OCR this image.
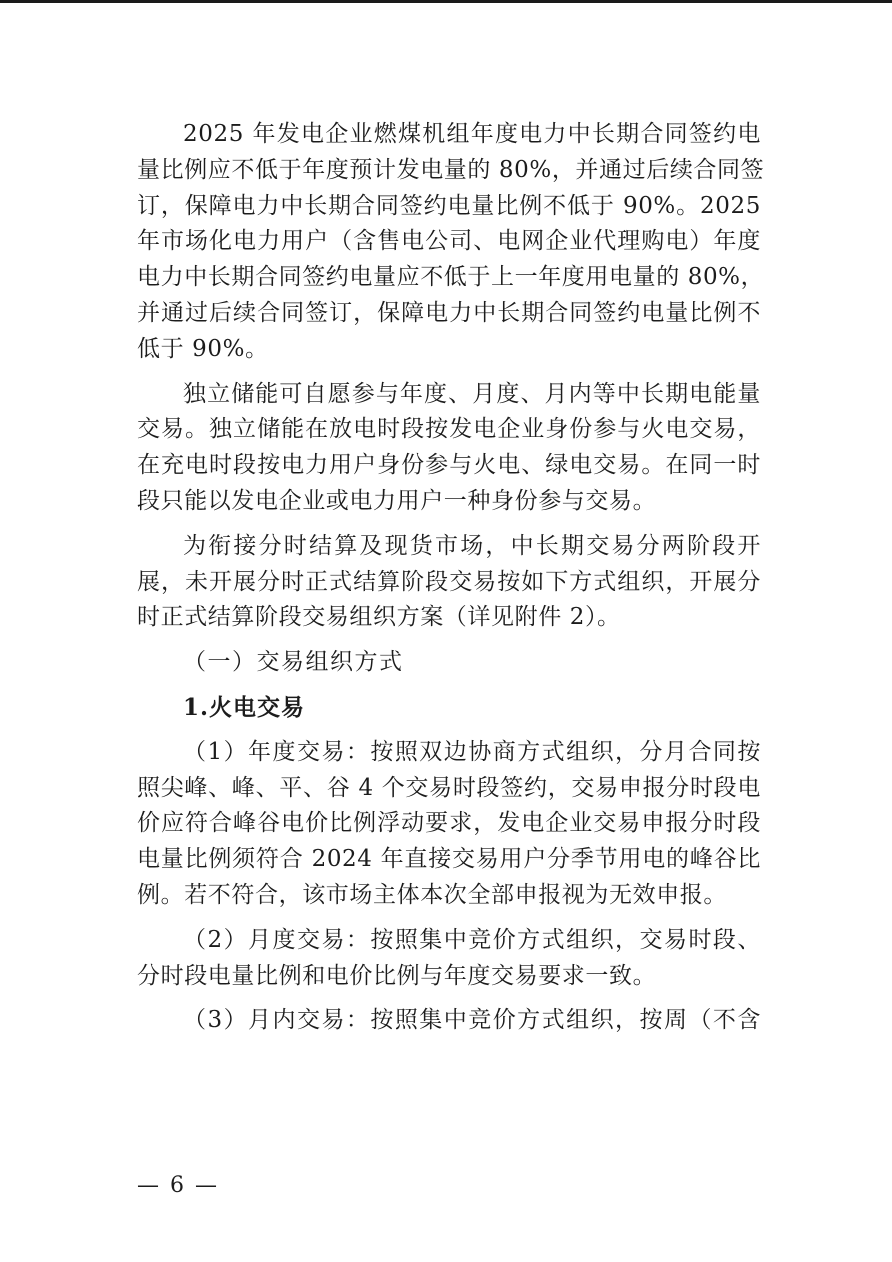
2025 年发电企业燃煤机组年度电力中长期合同签约电
量比例应不低于年度预计发电量的 80%，并通过后续合同签
订，保障电力中长期合同签约电量比例不低于 90%。2025
年市场化电力用户（含售电公司、电网企业代理购电）年度
电力中长期合同签约电量应不低于上一年度用电量的 80%，
并通过后续合同签订，保障电力中长期合同签约电量比例不
低于 90%。
独立储能可自愿参与年度、月度、月内等中长期电能量
交易。独立储能在放电时段按发电企业身份参与火电交易，
在充电时段按电力用户身份参与火电、绿电交易。在同一时
段只能以发电企业或电力用户一种身份参与交易。
为衔接分时结算及现货市场，中长期交易分两阶段开
展，未开展分时正式结算阶段交易按如下方式组织，开展分
时正式结算阶段交易组织方案（详见附件 2）。
（一）交易组织方式
1.火电交易
（1）年度交易：按照双边协商方式组织，分月合同按
照尖峰、峰、平、谷 4 个交易时段签约，交易申报分时段电
价应符合峰谷电价比例浮动要求，发电企业交易申报分时段
电量比例须符合 2024 年直接交易用户分季节用电的峰谷比
例。若不符合，该市场主体本次全部申报视为无效申报。
（2）月度交易：按照集中竞价方式组织，交易时段、
分时段电量比例和电价比例与年度交易要求一致。
（3）月内交易：按照集中竞价方式组织，按周（不含
— 6 —
